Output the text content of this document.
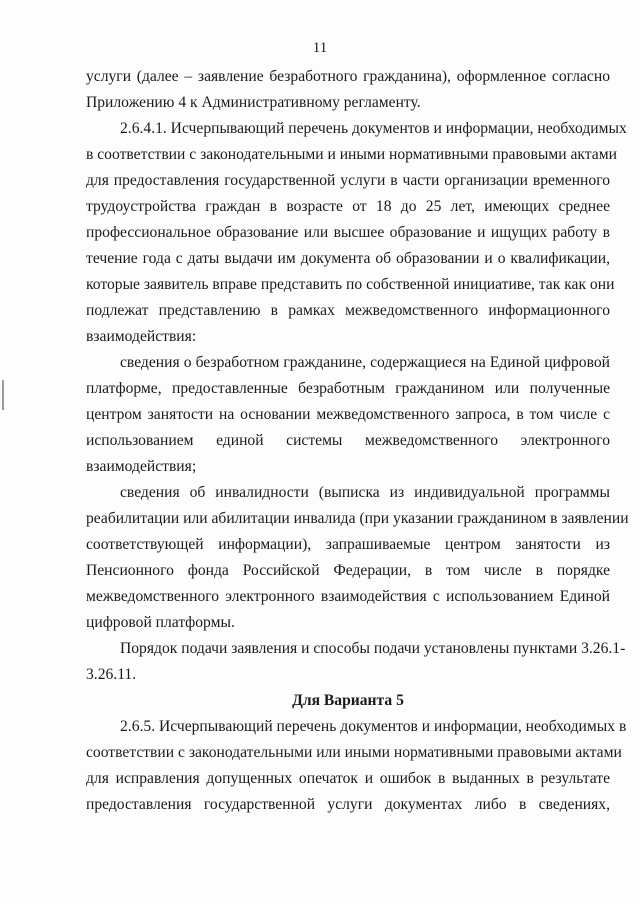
11
услуги (далее – заявление безработного гражданина), оформленное согласно
Приложению 4 к Административному регламенту.
2.6.4.1. Исчерпывающий перечень документов и информации, необходимых
в соответствии с законодательными и иными нормативными правовыми актами
для предоставления государственной услуги в части организации временного
трудоустройства граждан в возрасте от 18 до 25 лет, имеющих среднее
профессиональное образование или высшее образование и ищущих работу в
течение года с даты выдачи им документа об образовании и о квалификации,
которые заявитель вправе представить по собственной инициативе, так как они
подлежат представлению в рамках межведомственного информационного
взаимодействия:
сведения о безработном гражданине, содержащиеся на Единой цифровой
платформе, предоставленные безработным гражданином или полученные
центром занятости на основании межведомственного запроса, в том числе с
использованием единой системы межведомственного электронного
взаимодействия;
сведения об инвалидности (выписка из индивидуальной программы
реабилитации или абилитации инвалида (при указании гражданином в заявлении
соответствующей информации), запрашиваемые центром занятости из
Пенсионного фонда Российской Федерации, в том числе в порядке
межведомственного электронного взаимодействия с использованием Единой
цифровой платформы.
Порядок подачи заявления и способы подачи установлены пунктами 3.26.1-
3.26.11.
Для Варианта 5
2.6.5. Исчерпывающий перечень документов и информации, необходимых в
соответствии с законодательными или иными нормативными правовыми актами
для исправления допущенных опечаток и ошибок в выданных в результате
предоставления государственной услуги документах либо в сведениях,
